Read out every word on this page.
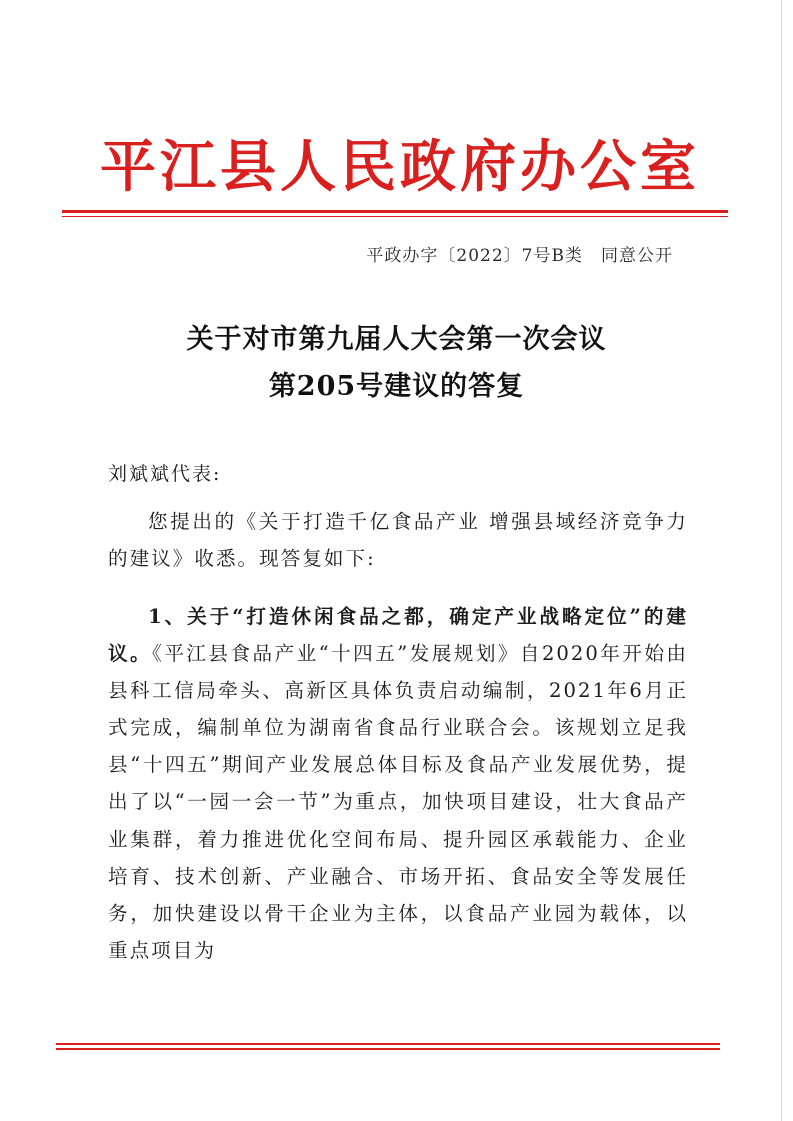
平江县人民政府办公室
平政办字〔2022〕7号B类　同意公开
关于对市第九届人大会第一次会议
第205号建议的答复
刘斌斌代表:
您提出的《关于打造千亿食品产业 增强县域经济竞争力的建议》收悉。现答复如下:
1、关于“打造休闲食品之都，确定产业战略定位”的建议。《平江县食品产业“十四五”发展规划》自2020年开始由县科工信局牵头、高新区具体负责启动编制，2021年6月正式完成，编制单位为湖南省食品行业联合会。该规划立足我县“十四五”期间产业发展总体目标及食品产业发展优势，提出了以“一园一会一节”为重点，加快项目建设，壮大食品产业集群，着力推进优化空间布局、提升园区承载能力、企业培育、技术创新、产业融合、市场开拓、食品安全等发展任务，加快建设以骨干企业为主体，以食品产业园为载体，以重点项目为
